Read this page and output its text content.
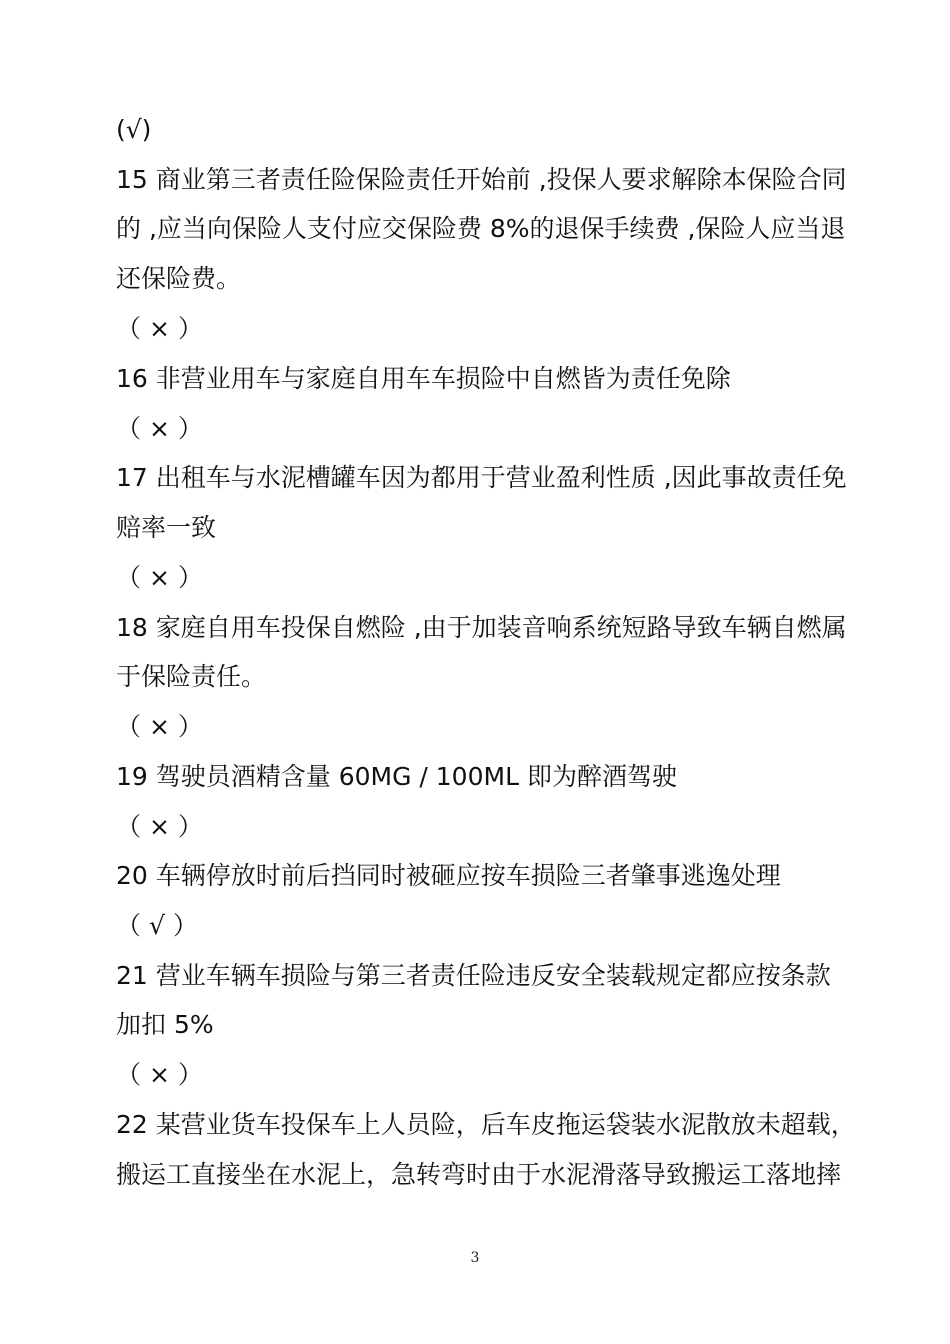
(√)
15 商业第三者责任险保险责任开始前 ,投保人要求解除本保险合同
的 ,应当向保险人支付应交保险费 8%的退保手续费 ,保险人应当退
还保险费。
（ × ）
16 非营业用车与家庭自用车车损险中自燃皆为责任免除
（ × ）
17 出租车与水泥槽罐车因为都用于营业盈利性质 ,因此事故责任免
赔率一致
（ × ）
18 家庭自用车投保自燃险 ,由于加装音响系统短路导致车辆自燃属
于保险责任。
（ × ）
19 驾驶员酒精含量 60MG / 100ML 即为醉酒驾驶
（ × ）
20 车辆停放时前后挡同时被砸应按车损险三者肇事逃逸处理
（ √ ）
21 营业车辆车损险与第三者责任险违反安全装载规定都应按条款
加扣 5%
（ × ）
22 某营业货车投保车上人员险，后车皮拖运袋装水泥散放未超载，
搬运工直接坐在水泥上，急转弯时由于水泥滑落导致搬运工落地摔
3
